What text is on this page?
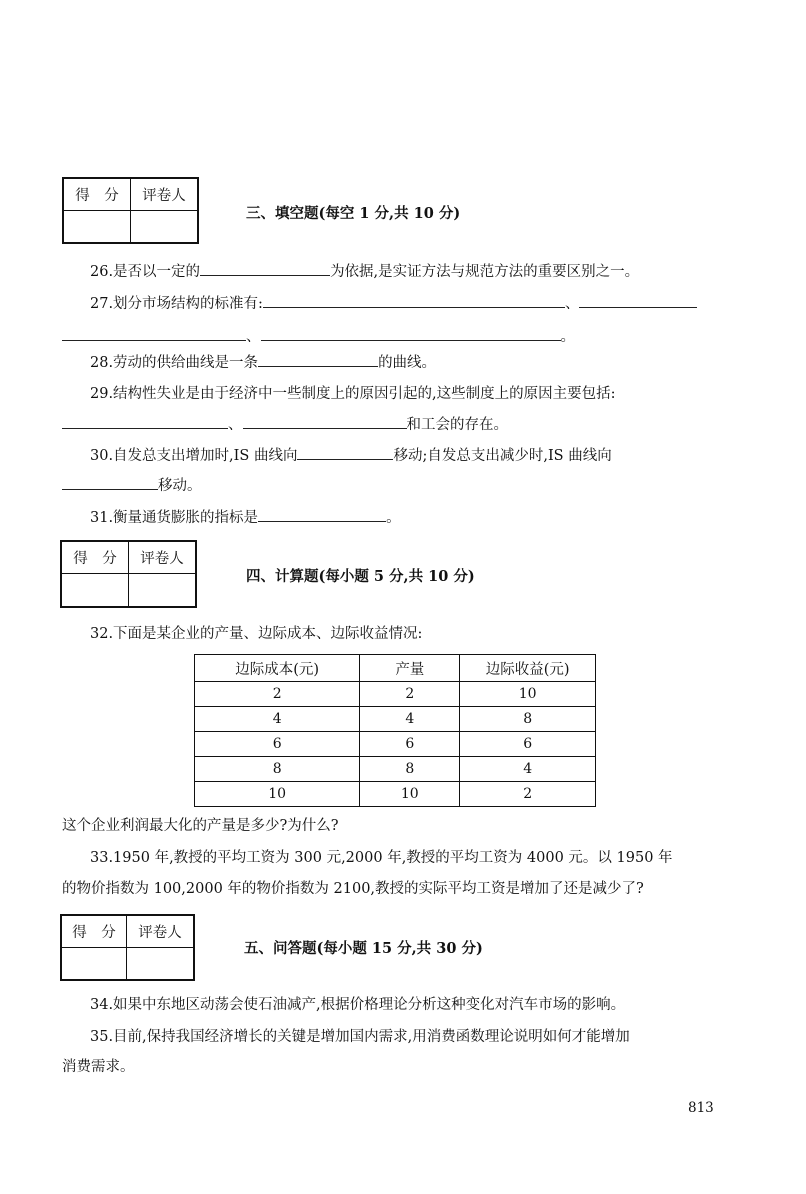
得　分	评卷人

三、填空题(每空 1 分,共 10 分)
26.是否以一定的	为依据,是实证方法与规范方法的重要区别之一。
27.划分市场结构的标准有:	、
、	。
28.劳动的供给曲线是一条	的曲线。
29.结构性失业是由于经济中一些制度上的原因引起的,这些制度上的原因主要包括:
、	和工会的存在。
30.自发总支出增加时,IS 曲线向	移动;自发总支出减少时,IS 曲线向
移动。
31.衡量通货膨胀的指标是	。
得　分	评卷人

四、计算题(每小题 5 分,共 10 分)
32.下面是某企业的产量、边际成本、边际收益情况:
边际成本(元)	产量	边际收益(元)
2	2	10
4	4	8
6	6	6
8	8	4
10	10	2
这个企业利润最大化的产量是多少?为什么?
33.1950 年,教授的平均工资为 300 元,2000 年,教授的平均工资为 4000 元。以 1950 年
的物价指数为 100,2000 年的物价指数为 2100,教授的实际平均工资是增加了还是减少了?
得　分	评卷人

五、问答题(每小题 15 分,共 30 分)
34.如果中东地区动荡会使石油减产,根据价格理论分析这种变化对汽车市场的影响。
35.目前,保持我国经济增长的关键是增加国内需求,用消费函数理论说明如何才能增加
消费需求。
813
